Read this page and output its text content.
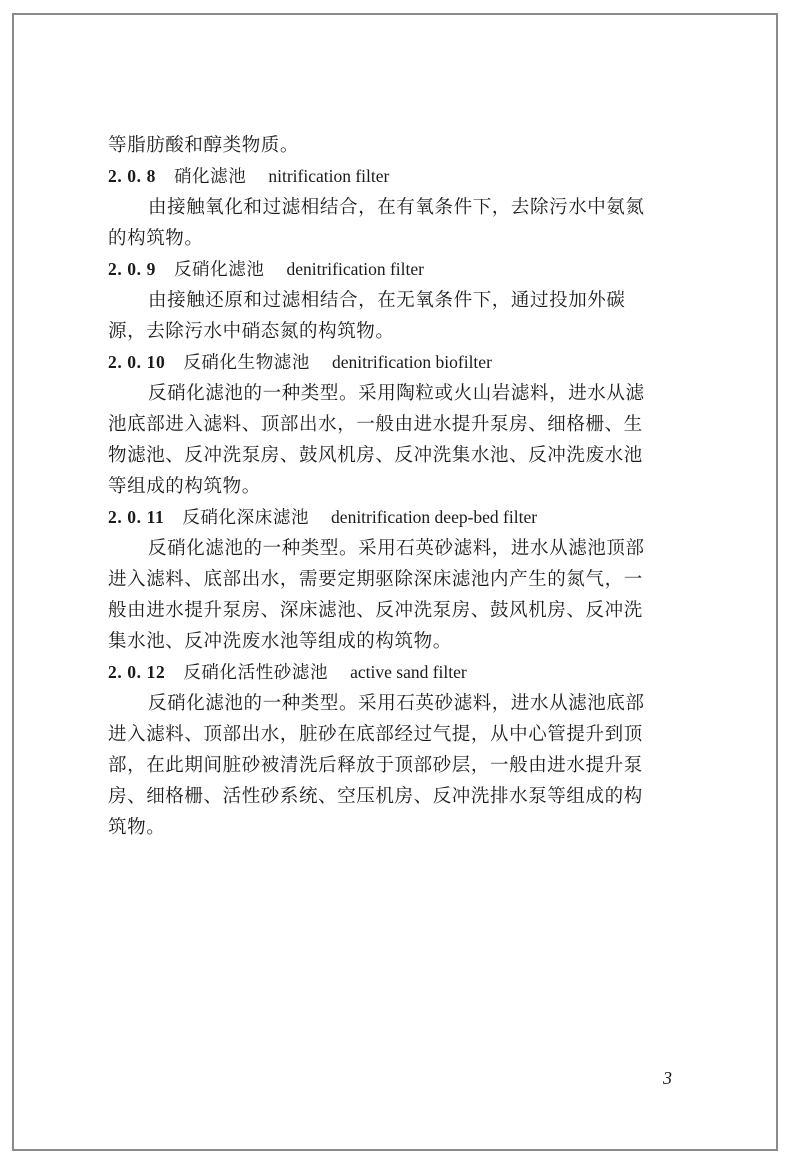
等脂肪酸和醇类物质。
2. 0. 8 硝化滤池 nitrification filter
由接触氧化和过滤相结合，在有氧条件下，去除污水中氨氮
的构筑物。
2. 0. 9 反硝化滤池 denitrification filter
由接触还原和过滤相结合，在无氧条件下，通过投加外碳
源，去除污水中硝态氮的构筑物。
2. 0. 10 反硝化生物滤池 denitrification biofilter
反硝化滤池的一种类型。采用陶粒或火山岩滤料，进水从滤
池底部进入滤料、顶部出水，一般由进水提升泵房、细格栅、生
物滤池、反冲洗泵房、鼓风机房、反冲洗集水池、反冲洗废水池
等组成的构筑物。
2. 0. 11 反硝化深床滤池 denitrification deep-bed filter
反硝化滤池的一种类型。采用石英砂滤料，进水从滤池顶部
进入滤料、底部出水，需要定期驱除深床滤池内产生的氮气，一
般由进水提升泵房、深床滤池、反冲洗泵房、鼓风机房、反冲洗
集水池、反冲洗废水池等组成的构筑物。
2. 0. 12 反硝化活性砂滤池 active sand filter
反硝化滤池的一种类型。采用石英砂滤料，进水从滤池底部
进入滤料、顶部出水，脏砂在底部经过气提，从中心管提升到顶
部，在此期间脏砂被清洗后释放于顶部砂层，一般由进水提升泵
房、细格栅、活性砂系统、空压机房、反冲洗排水泵等组成的构
筑物。
3
